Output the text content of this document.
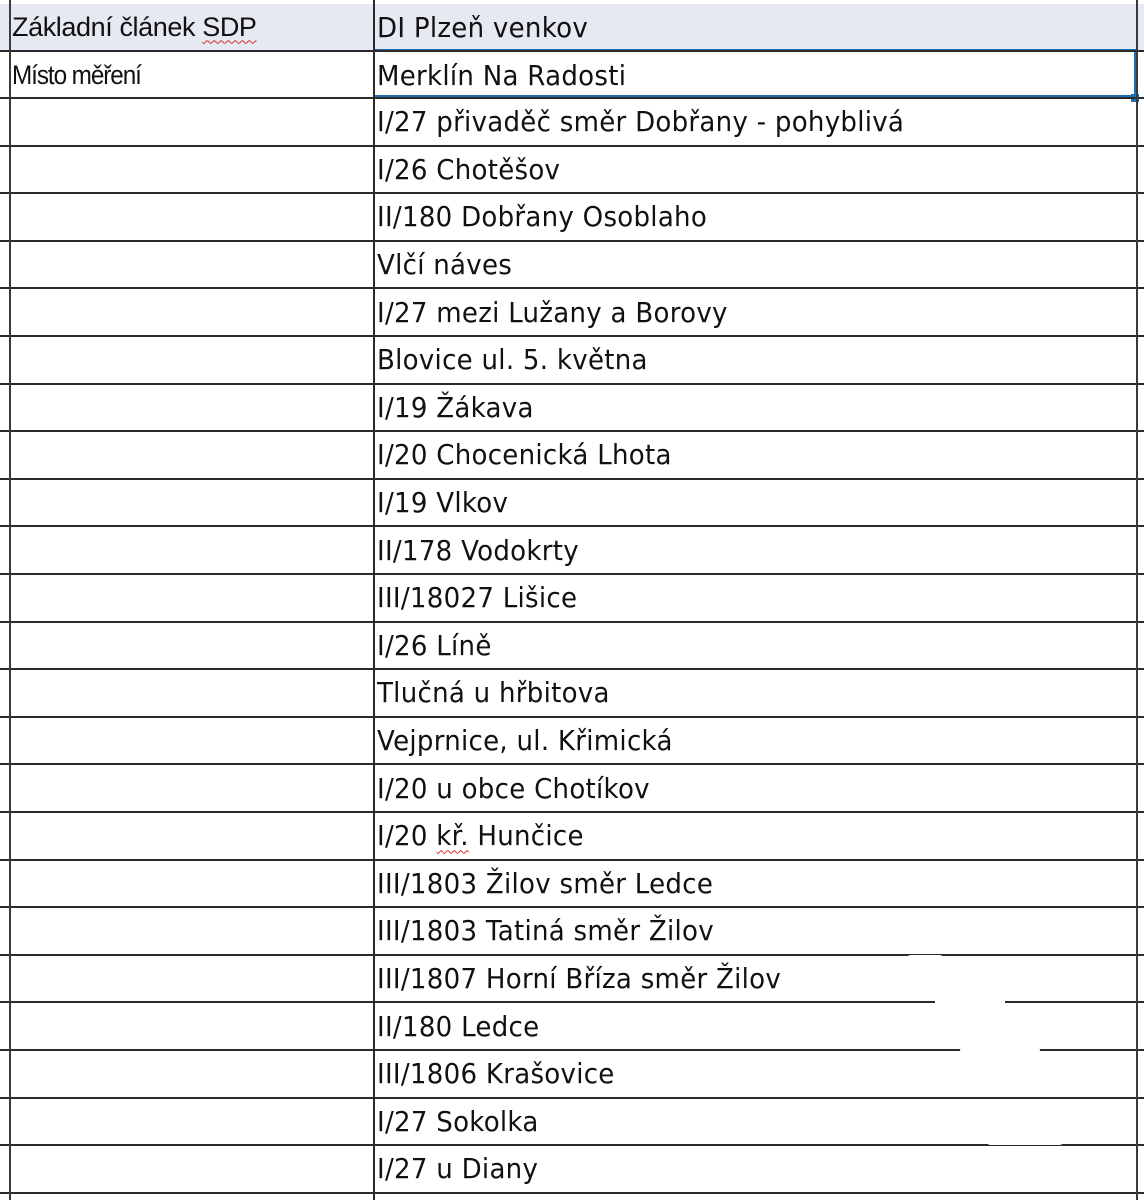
Základní článek SDP	DI Plzeň venkov
Místo měření	Merklín Na Radosti
I/27 přivaděč směr Dobřany - pohyblivá
I/26 Chotěšov
II/180 Dobřany Osoblaho
Vlčí náves
I/27 mezi Lužany a Borovy
Blovice ul. 5. května
I/19 Žákava
I/20 Chocenická Lhota
I/19 Vlkov
II/178 Vodokrty
III/18027 Lišice
I/26 Líně
Tlučná u hřbitova
Vejprnice, ul. Křimická
I/20 u obce Chotíkov
I/20 kř. Hunčice
III/1803 Žilov směr Ledce
III/1803 Tatiná směr Žilov
III/1807 Horní Bříza směr Žilov
II/180 Ledce
III/1806 Krašovice
I/27 Sokolka
I/27 u Diany
